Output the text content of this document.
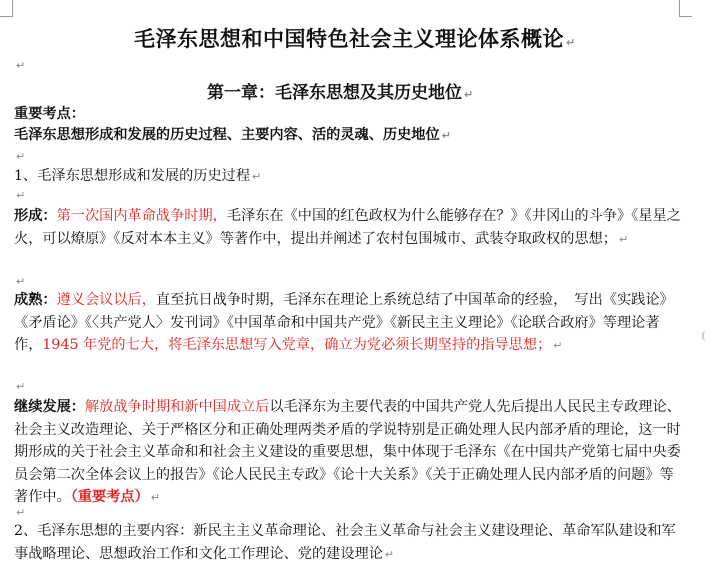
毛泽东思想和中国特色社会主义理论体系概论 ↵
↵
第一章：毛泽东思想及其历史地位 ↵
重要考点：
毛泽东思想形成和发展的历史过程、主要内容、活的灵魂、历史地位 ↵
↵
1、毛泽东思想形成和发展的历史过程 ↵
↵
形成：第一次国内革命战争时期，毛泽东在《中国的红色政权为什么能够存在？》《井冈山的斗争》《星星之火，可以燎原》《反对本本主义》等著作中，提出并阐述了农村包围城市、武装夺取政权的思想； ↵
↵
成熟：遵义会议以后，直至抗日战争时期，毛泽东在理论上系统总结了中国革命的经验，　写出《实践论》《矛盾论》《〈共产党人〉发刊词》《中国革命和中国共产党》《新民主主义理论》《论联合政府》等理论著作，1945 年党的七大，将毛泽东思想写入党章，确立为党必须长期坚持的指导思想； ↵
↵
继续发展：解放战争时期和新中国成立后以毛泽东为主要代表的中国共产党人先后提出人民民主专政理论、社会主义改造理论、关于严格区分和正确处理两类矛盾的学说特别是正确处理人民内部矛盾的理论，这一时期形成的关于社会主义革命和和社会主义建设的重要思想，集中体现于毛泽东《在中国共产党第七届中央委员会第二次全体会议上的报告》《论人民民主专政》《论十大关系》《关于正确处理人民内部矛盾的问题》等著作中。（重要考点） ↵
↵
2、毛泽东思想的主要内容：新民主主义革命理论、社会主义革命与社会主义建设理论、革命军队建设和军事战略理论、思想政治工作和文化工作理论、党的建设理论 ↵
